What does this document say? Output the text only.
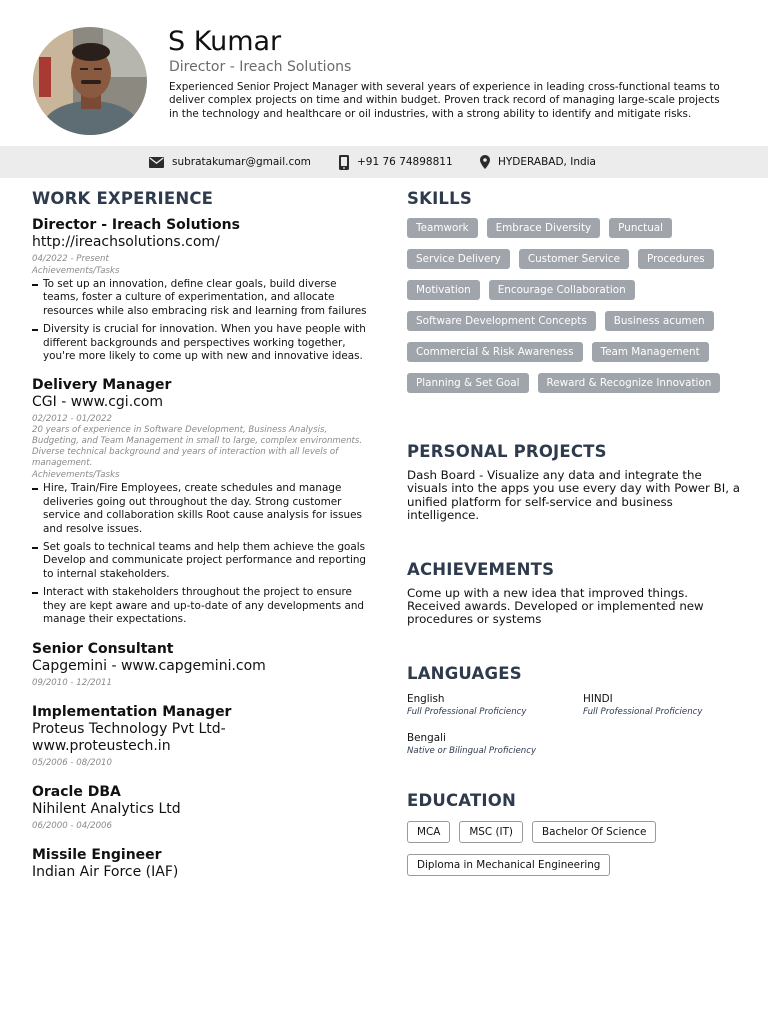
S Kumar
Director - Ireach Solutions

Experienced Senior Project Manager with several years of experience in leading cross-functional teams to deliver complex projects on time and within budget. Proven track record of managing large-scale projects in the technology and healthcare or oil industries, with a strong ability to identify and mitigate risks.

subratakumar@gmail.com	+91 76 74898811	HYDERABAD, India
WORK EXPERIENCE
Director - Ireach Solutions
http://ireachsolutions.com/
04/2022 - Present
Achievements/Tasks
To set up an innovation, define clear goals, build diverse teams, foster a culture of experimentation, and allocate resources while also embracing risk and learning from failures
Diversity is crucial for innovation. When you have people with different backgrounds and perspectives working together, you're more likely to come up with new and innovative ideas.
Delivery Manager
CGI - www.cgi.com
02/2012 - 01/2022
20 years of experience in Software Development, Business Analysis, Budgeting, and Team Management in small to large, complex environments. Diverse technical background and years of interaction with all levels of management.
Achievements/Tasks
Hire, Train/Fire Employees, create schedules and manage deliveries going out throughout the day. Strong customer service and collaboration skills Root cause analysis for issues and resolve issues.
Set goals to technical teams and help them achieve the goals Develop and communicate project performance and reporting to internal stakeholders.
Interact with stakeholders throughout the project to ensure they are kept aware and up-to-date of any developments and manage their expectations.
Senior Consultant
Capgemini - www.capgemini.com
09/2010 - 12/2011
Implementation Manager
Proteus Technology Pvt Ltd-www.proteustech.in
05/2006 - 08/2010
Oracle DBA
Nihilent Analytics Ltd
06/2000 - 04/2006
Missile Engineer
Indian Air Force (IAF)
SKILLS
Teamwork	Embrace Diversity	Punctual
Service Delivery	Customer Service	Procedures
Motivation	Encourage Collaboration
Software Development Concepts	Business acumen
Commercial & Risk Awareness	Team Management
Planning & Set Goal	Reward & Recognize Innovation
PERSONAL PROJECTS

Dash Board - Visualize any data and integrate the visuals into the apps you use every day with Power BI, a unified platform for self-service and business intelligence.

ACHIEVEMENTS

Come up with a new idea that improved things. Received awards. Developed or implemented new procedures or systems

LANGUAGES
English
Full Professional Proficiency
HINDI
Full Professional Proficiency
Bengali
Native or Bilingual Proficiency
EDUCATION
MCA	MSC (IT)	Bachelor Of Science
Diploma in Mechanical Engineering
